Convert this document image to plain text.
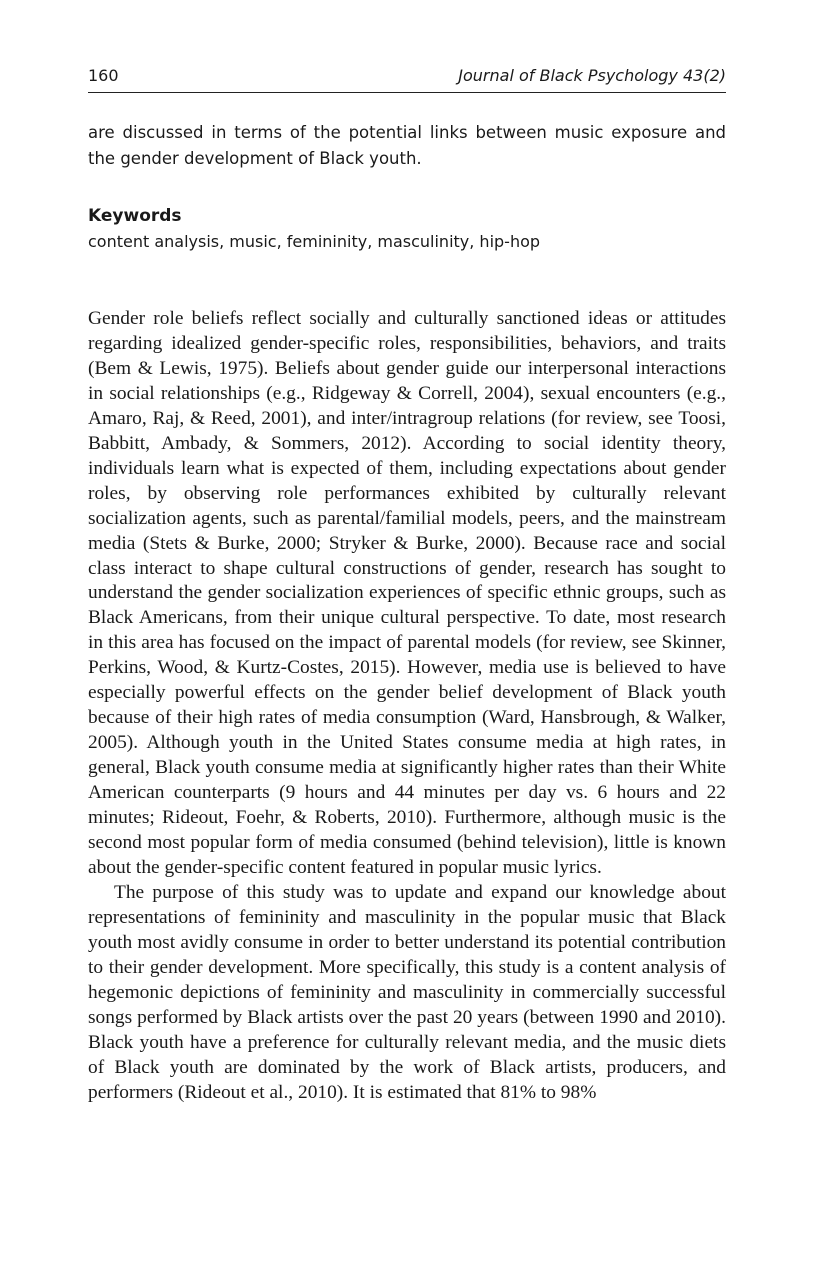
160	Journal of Black Psychology 43(2)
are discussed in terms of the potential links between music exposure and the gender development of Black youth.
Keywords
content analysis, music, femininity, masculinity, hip-hop

Gender role beliefs reflect socially and culturally sanctioned ideas or attitudes regarding idealized gender-specific roles, responsibilities, behaviors, and traits (Bem & Lewis, 1975). Beliefs about gender guide our interpersonal interactions in social relationships (e.g., Ridgeway & Correll, 2004), sexual encounters (e.g., Amaro, Raj, & Reed, 2001), and inter/intragroup relations (for review, see Toosi, Babbitt, Ambady, & Sommers, 2012). According to social identity theory, individuals learn what is expected of them, including expectations about gender roles, by observing role performances exhibited by culturally relevant socialization agents, such as parental/familial models, peers, and the mainstream media (Stets & Burke, 2000; Stryker & Burke, 2000). Because race and social class interact to shape cultural constructions of gender, research has sought to understand the gender socialization experiences of specific ethnic groups, such as Black Americans, from their unique cultural perspective. To date, most research in this area has focused on the impact of parental models (for review, see Skinner, Perkins, Wood, & Kurtz-Costes, 2015). However, media use is believed to have especially powerful effects on the gender belief development of Black youth because of their high rates of media consumption (Ward, Hansbrough, & Walker, 2005). Although youth in the United States consume media at high rates, in general, Black youth consume media at significantly higher rates than their White American counterparts (9 hours and 44 minutes per day vs. 6 hours and 22 minutes; Rideout, Foehr, & Roberts, 2010). Furthermore, although music is the second most popular form of media consumed (behind television), little is known about the gender-specific content featured in popular music lyrics.

The purpose of this study was to update and expand our knowledge about representations of femininity and masculinity in the popular music that Black youth most avidly consume in order to better understand its potential contribution to their gender development. More specifically, this study is a content analysis of hegemonic depictions of femininity and masculinity in commercially successful songs performed by Black artists over the past 20 years (between 1990 and 2010). Black youth have a preference for culturally relevant media, and the music diets of Black youth are dominated by the work of Black artists, producers, and performers (Rideout et al., 2010). It is estimated that 81% to 98%
